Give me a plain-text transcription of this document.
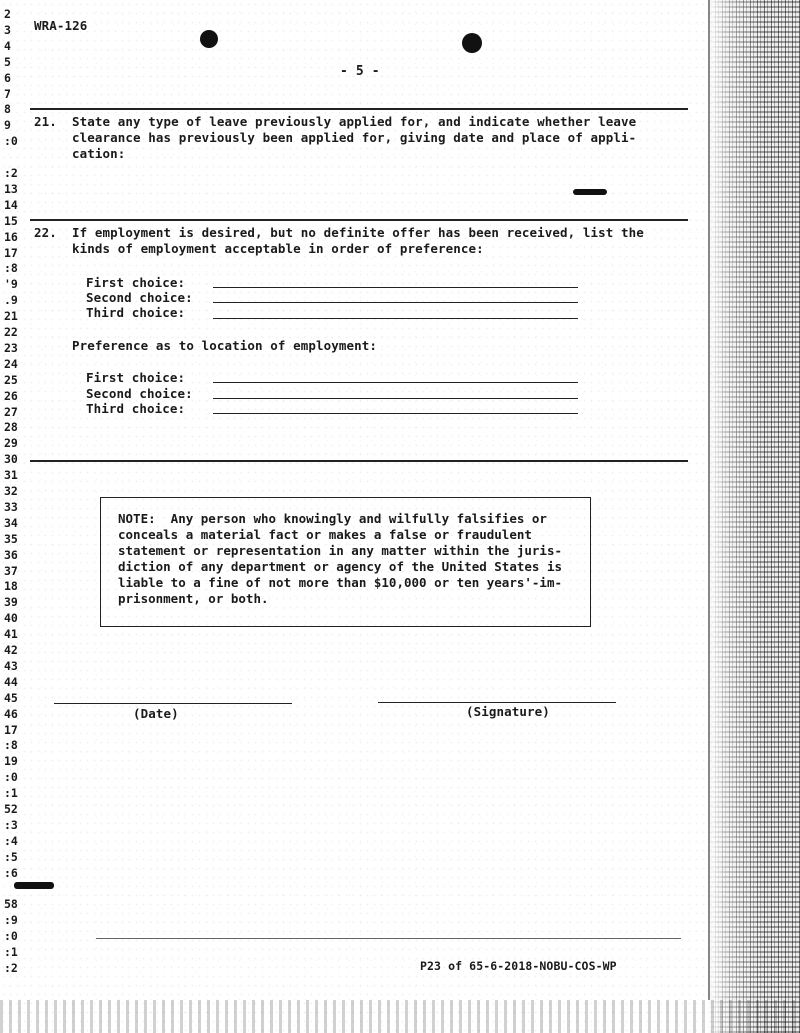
2
3
4
5
6
7
8
9
:0
:2
13
14
15
16
17
:8
'9
.9
21
22
23
24
25
26
27
28
29
30
31
32
33
34
35
36
37
18
39
40
41
42
43
44
45
46
17
:8
19
:0
:1
52
:3
:4
:5
:6
58
:9
:0
:1
:2
WRA-126
- 5 -
21. State any type of leave previously applied for, and indicate whether leave
clearance has previously been applied for, giving date and place of appli-
cation:
22. If employment is desired, but no definite offer has been received, list the
kinds of employment acceptable in order of preference:
First choice:
Second choice:
Third choice:
Preference as to location of employment:
First choice:
Second choice:
Third choice:
NOTE:  Any person who knowingly and wilfully falsifies or
conceals a material fact or makes a false or fraudulent
statement or representation in any matter within the juris-
diction of any department or agency of the United States is
liable to a fine of not more than $10,000 or ten years'-im-
prisonment, or both.
(Date)	(Signature)
P23 of 65-6-2018-NOBU-COS-WP
